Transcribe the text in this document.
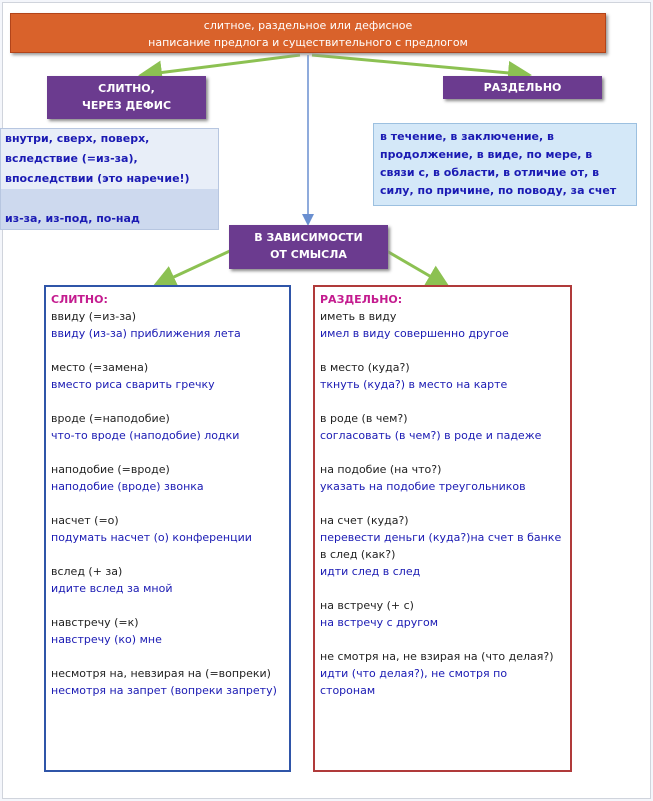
слитное, раздельное или дефисное
написание предлога и существительного с предлогом
СЛИТНО,
ЧЕРЕЗ ДЕФИС
РАЗДЕЛЬНО
внутри, сверх, поверх,
вследствие (=из-за),
впоследствии (это наречие!)

из-за, из-под, по-над
в течение, в заключение, в продолжение, в виде, по мере, в связи с, в области, в отличие от, в силу, по причине, по поводу, за счет
В ЗАВИСИМОСТИ
ОТ СМЫСЛА
СЛИТНО:
ввиду (=из-за)
ввиду (из-за) приближения лета
место (=замена)
вместо риса сварить гречку
вроде (=наподобие)
что-то вроде (наподобие) лодки
наподобие (=вроде)
наподобие (вроде) звонка
насчет (=о)
подумать насчет (о) конференции
вслед (+ за)
идите вслед за мной
навстречу (=к)
навстречу (ко) мне
несмотря на, невзирая на (=вопреки)
несмотря на запрет (вопреки запрету)
РАЗДЕЛЬНО:
иметь в виду
имел в виду совершенно другое
в место (куда?)
ткнуть (куда?) в место на карте
в роде (в чем?)
согласовать (в чем?) в роде и падеже
на подобие (на что?)
указать на подобие треугольников
на счет (куда?)
перевести деньги (куда?)на счет в банке
в след (как?)
идти след в след
на встречу (+ с)
на встречу с другом
не смотря на, не взирая на (что делая?)
идти (что делая?), не смотря по сторонам
